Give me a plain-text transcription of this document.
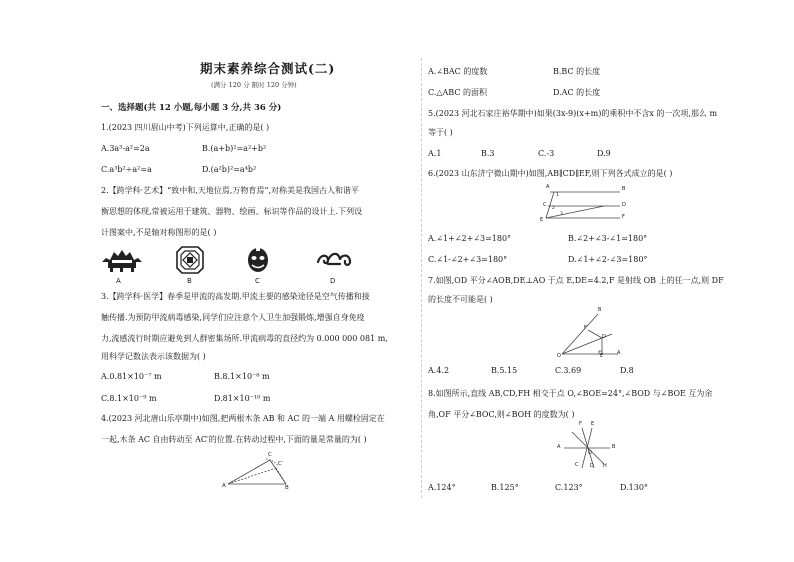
期末素养综合测试(二)
(满分 120 分 限时 120 分钟)
一、选择题(共 12 小题,每小题 3 分,共 36 分)
1.(2023 四川眉山中考)下列运算中,正确的是( )
A.3a³-a²=2a	B.(a+b)²=a²+b²
C.a³b²÷a²=a	D.(a²b)²=a⁴b²
2.【跨学科·艺术】“致中和,天地位焉,万物育焉”,对称美是我国古人和谐平
衡思想的体现,常被运用于建筑、器物、绘画、标识等作品的设计上.下列设
计图案中,不是轴对称图形的是( )
A	B	C	D
3.【跨学科·医学】春季是甲流的高发期.甲流主要的感染途径是空气传播和接
触传播.为预防甲流病毒感染,同学们应注意个人卫生加强锻炼,增强自身免疫
力,流感流行时期应避免到人群密集场所.甲流病毒的直径约为 0.000 000 081 m,
用科学记数法表示该数据为( )
A.0.81×10⁻⁷ m	B.8.1×10⁻⁸ m
C.8.1×10⁻⁹ m	D.81×10⁻¹⁰ m
4.(2023 河北唐山乐亭期中)如图,把两根木条 AB 和 AC 的一端 A 用螺栓固定在
一起,木条 AC 自由转动至 AC′的位置.在转动过程中,下面的量是常量的为( )
C
C′
A	B
A.∠BAC 的度数	B.BC 的长度
C.△ABC 的面积	D.AC 的长度
5.(2023 河北石家庄裕华期中)如果(3x-9)(x+m)的乘积中不含x 的一次项,那么 m
等于( )
A.1	B.3	C.-3	D.9
6.(2023 山东济宁微山期中)如图,AB∥CD∥EF,则下列各式成立的是( )
A	B
C	D
E	F
1
2
3
A.∠1+∠2+∠3=180°	B.∠2+∠3-∠1=180°
C.∠1-∠2+∠3=180°	D.∠1+∠2-∠3=180°
7.如图,OD 平分∠AOB,DE⊥AO 于点 E,DE=4.2,F 是射线 OB 上的任一点,则 DF
的长度不可能是( )
B
F
D
O	E	A
A.4.2	B.5.15	C.3.69	D.8
8.如图所示,直线 AB,CD,FH 相交于点 O,∠BOE=24°,∠BOD 与∠BOE 互为余
角,OF 平分∠BOC,则∠BOH 的度数为( )
F E
A	B
C
O
D H
A.124°	B.125°	C.123°	D.130°
